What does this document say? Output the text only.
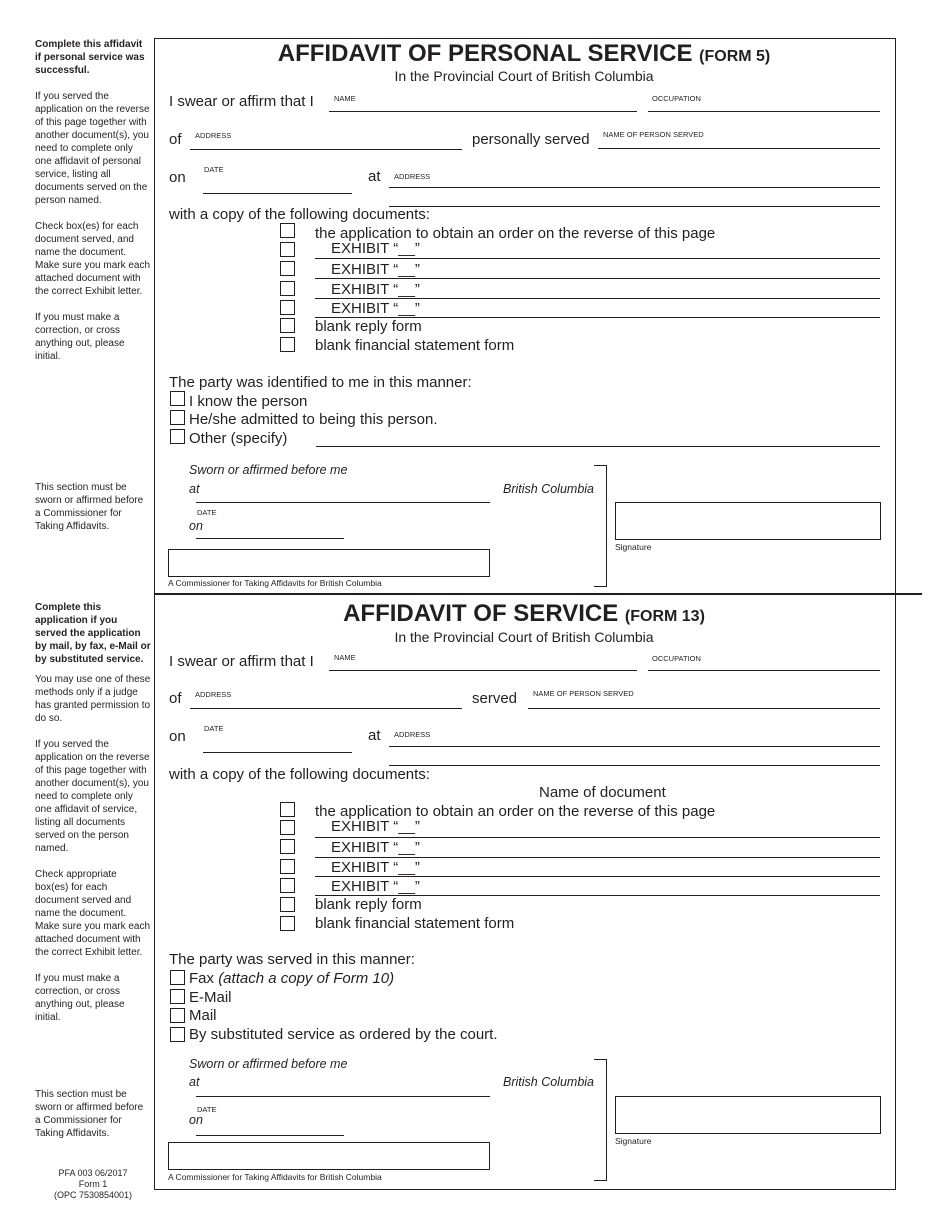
Complete this affidavit if personal service was successful.
If you served the application on the reverse of this page together with another document(s), you need to complete only one affidavit of personal service, listing all documents served on the person named.
Check box(es) for each document served, and name the document. Make sure you mark each attached document with the correct Exhibit letter.
If you must make a correction, or cross anything out, please initial.
This section must be sworn or affirmed before a Commissioner for Taking Affidavits.
AFFIDAVIT OF PERSONAL SERVICE (FORM 5)
In the Provincial Court of British Columbia
I swear or affirm that I	NAME	OCCUPATION
of ADDRESS	personally served NAME OF PERSON SERVED
on DATE	at ADDRESS
with a copy of the following documents:
the application to obtain an order on the reverse of this page
EXHIBIT “__”
EXHIBIT “__”
EXHIBIT “__”
EXHIBIT “__”
blank reply form
blank financial statement form
The party was identified to me in this manner:
I know the person
He/she admitted to being this person.
Other (specify)
Sworn or affirmed before me
at	British Columbia
DATE
on
A Commissioner for Taking Affidavits for British Columbia
Signature
Complete this application if you served the application by mail, by fax, e-Mail or by substituted service.
You may use one of these methods only if a judge has granted permission to do so.
If you served the application on the reverse of this page together with another document(s), you need to complete only one affidavit of service, listing all documents served on the person named.
Check appropriate box(es) for each document served and name the document. Make sure you mark each attached document with the correct Exhibit letter.
If you must make a correction, or cross anything out, please initial.
This section must be sworn or affirmed before a Commissioner for Taking Affidavits.
AFFIDAVIT OF SERVICE (FORM 13)
In the Provincial Court of British Columbia
I swear or affirm that I	NAME	OCCUPATION
of ADDRESS	served NAME OF PERSON SERVED
on DATE	at ADDRESS
with a copy of the following documents:
Name of document
the application to obtain an order on the reverse of this page
EXHIBIT “__”
EXHIBIT “__”
EXHIBIT “__”
EXHIBIT “__”
blank reply form
blank financial statement form
The party was served in this manner:
Fax (attach a copy of Form 10)
E-Mail
Mail
By substituted service as ordered by the court.
Sworn or affirmed before me
at	British Columbia
DATE
on
A Commissioner for Taking Affidavits for British Columbia
Signature
PFA 003 06/2017
Form 1
(OPC 7530854001)
